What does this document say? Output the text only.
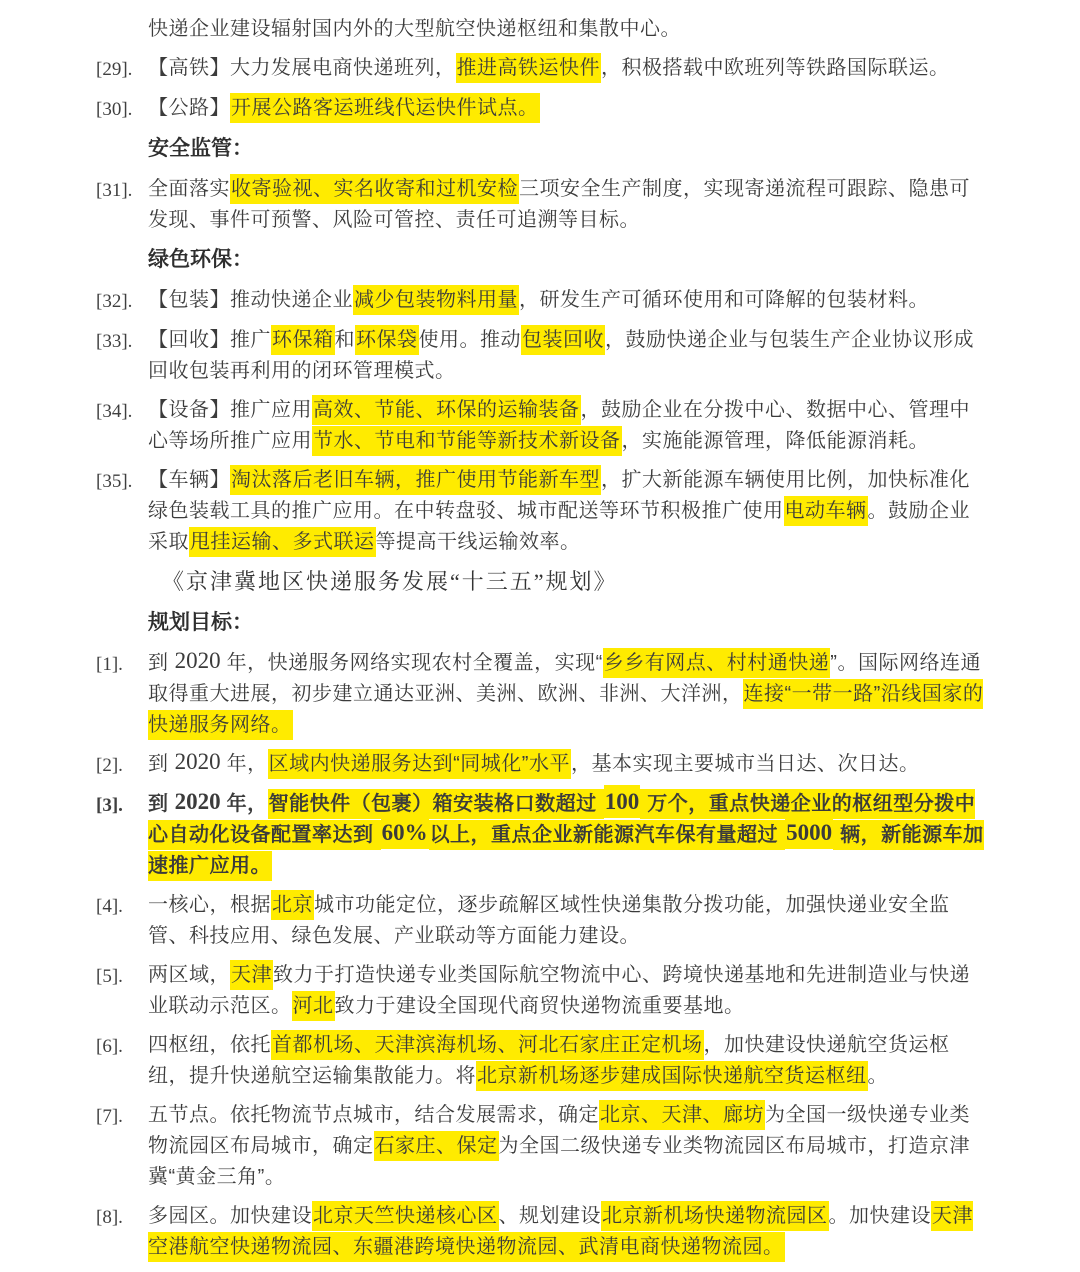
快递企业建设辐射国内外的大型航空快递枢纽和集散中心。
[29]. 【高铁】大力发展电商快递班列，推进高铁运快件，积极搭载中欧班列等铁路国际联运。
[30]. 【公路】开展公路客运班线代运快件试点。
安全监管：
[31]. 全面落实收寄验视、实名收寄和过机安检三项安全生产制度，实现寄递流程可跟踪、隐患可发现、事件可预警、风险可管控、责任可追溯等目标。
绿色环保：
[32]. 【包装】推动快递企业减少包装物料用量，研发生产可循环使用和可降解的包装材料。
[33]. 【回收】推广环保箱和环保袋使用。推动包装回收，鼓励快递企业与包装生产企业协议形成回收包装再利用的闭环管理模式。
[34]. 【设备】推广应用高效、节能、环保的运输装备，鼓励企业在分拨中心、数据中心、管理中心等场所推广应用节水、节电和节能等新技术新设备，实施能源管理，降低能源消耗。
[35]. 【车辆】淘汰落后老旧车辆，推广使用节能新车型，扩大新能源车辆使用比例，加快标准化绿色装载工具的推广应用。在中转盘驳、城市配送等环节积极推广使用电动车辆。鼓励企业采取甩挂运输、多式联运等提高干线运输效率。
《京津冀地区快递服务发展“十三五”规划》
规划目标：
[1].	到 2020 年，快递服务网络实现农村全覆盖，实现“乡乡有网点、村村通快递”。国际网络连通取得重大进展，初步建立通达亚洲、美洲、欧洲、非洲、大洋洲，连接“一带一路”沿线国家的快递服务网络。
[2].	到 2020 年，区域内快递服务达到“同城化”水平，基本实现主要城市当日达、次日达。
[3].	到 2020 年，智能快件（包裹）箱安装格口数超过 100 万个，重点快递企业的枢纽型分拨中心自动化设备配置率达到 60% 以上，重点企业新能源汽车保有量超过 5000 辆，新能源车加速推广应用。
[4].	一核心，根据北京城市功能定位，逐步疏解区域性快递集散分拨功能，加强快递业安全监管、科技应用、绿色发展、产业联动等方面能力建设。
[5].	两区域，天津致力于打造快递专业类国际航空物流中心、跨境快递基地和先进制造业与快递业联动示范区。河北致力于建设全国现代商贸快递物流重要基地。
[6].	四枢纽，依托首都机场、天津滨海机场、河北石家庄正定机场，加快建设快递航空货运枢纽，提升快递航空运输集散能力。将北京新机场逐步建成国际快递航空货运枢纽。
[7].	五节点。依托物流节点城市，结合发展需求，确定北京、天津、廊坊为全国一级快递专业类物流园区布局城市，确定石家庄、保定为全国二级快递专业类物流园区布局城市，打造京津冀“黄金三角”。
[8].	多园区。加快建设北京天竺快递核心区、规划建设北京新机场快递物流园区。加快建设天津空港航空快递物流园、东疆港跨境快递物流园、武清电商快递物流园。
